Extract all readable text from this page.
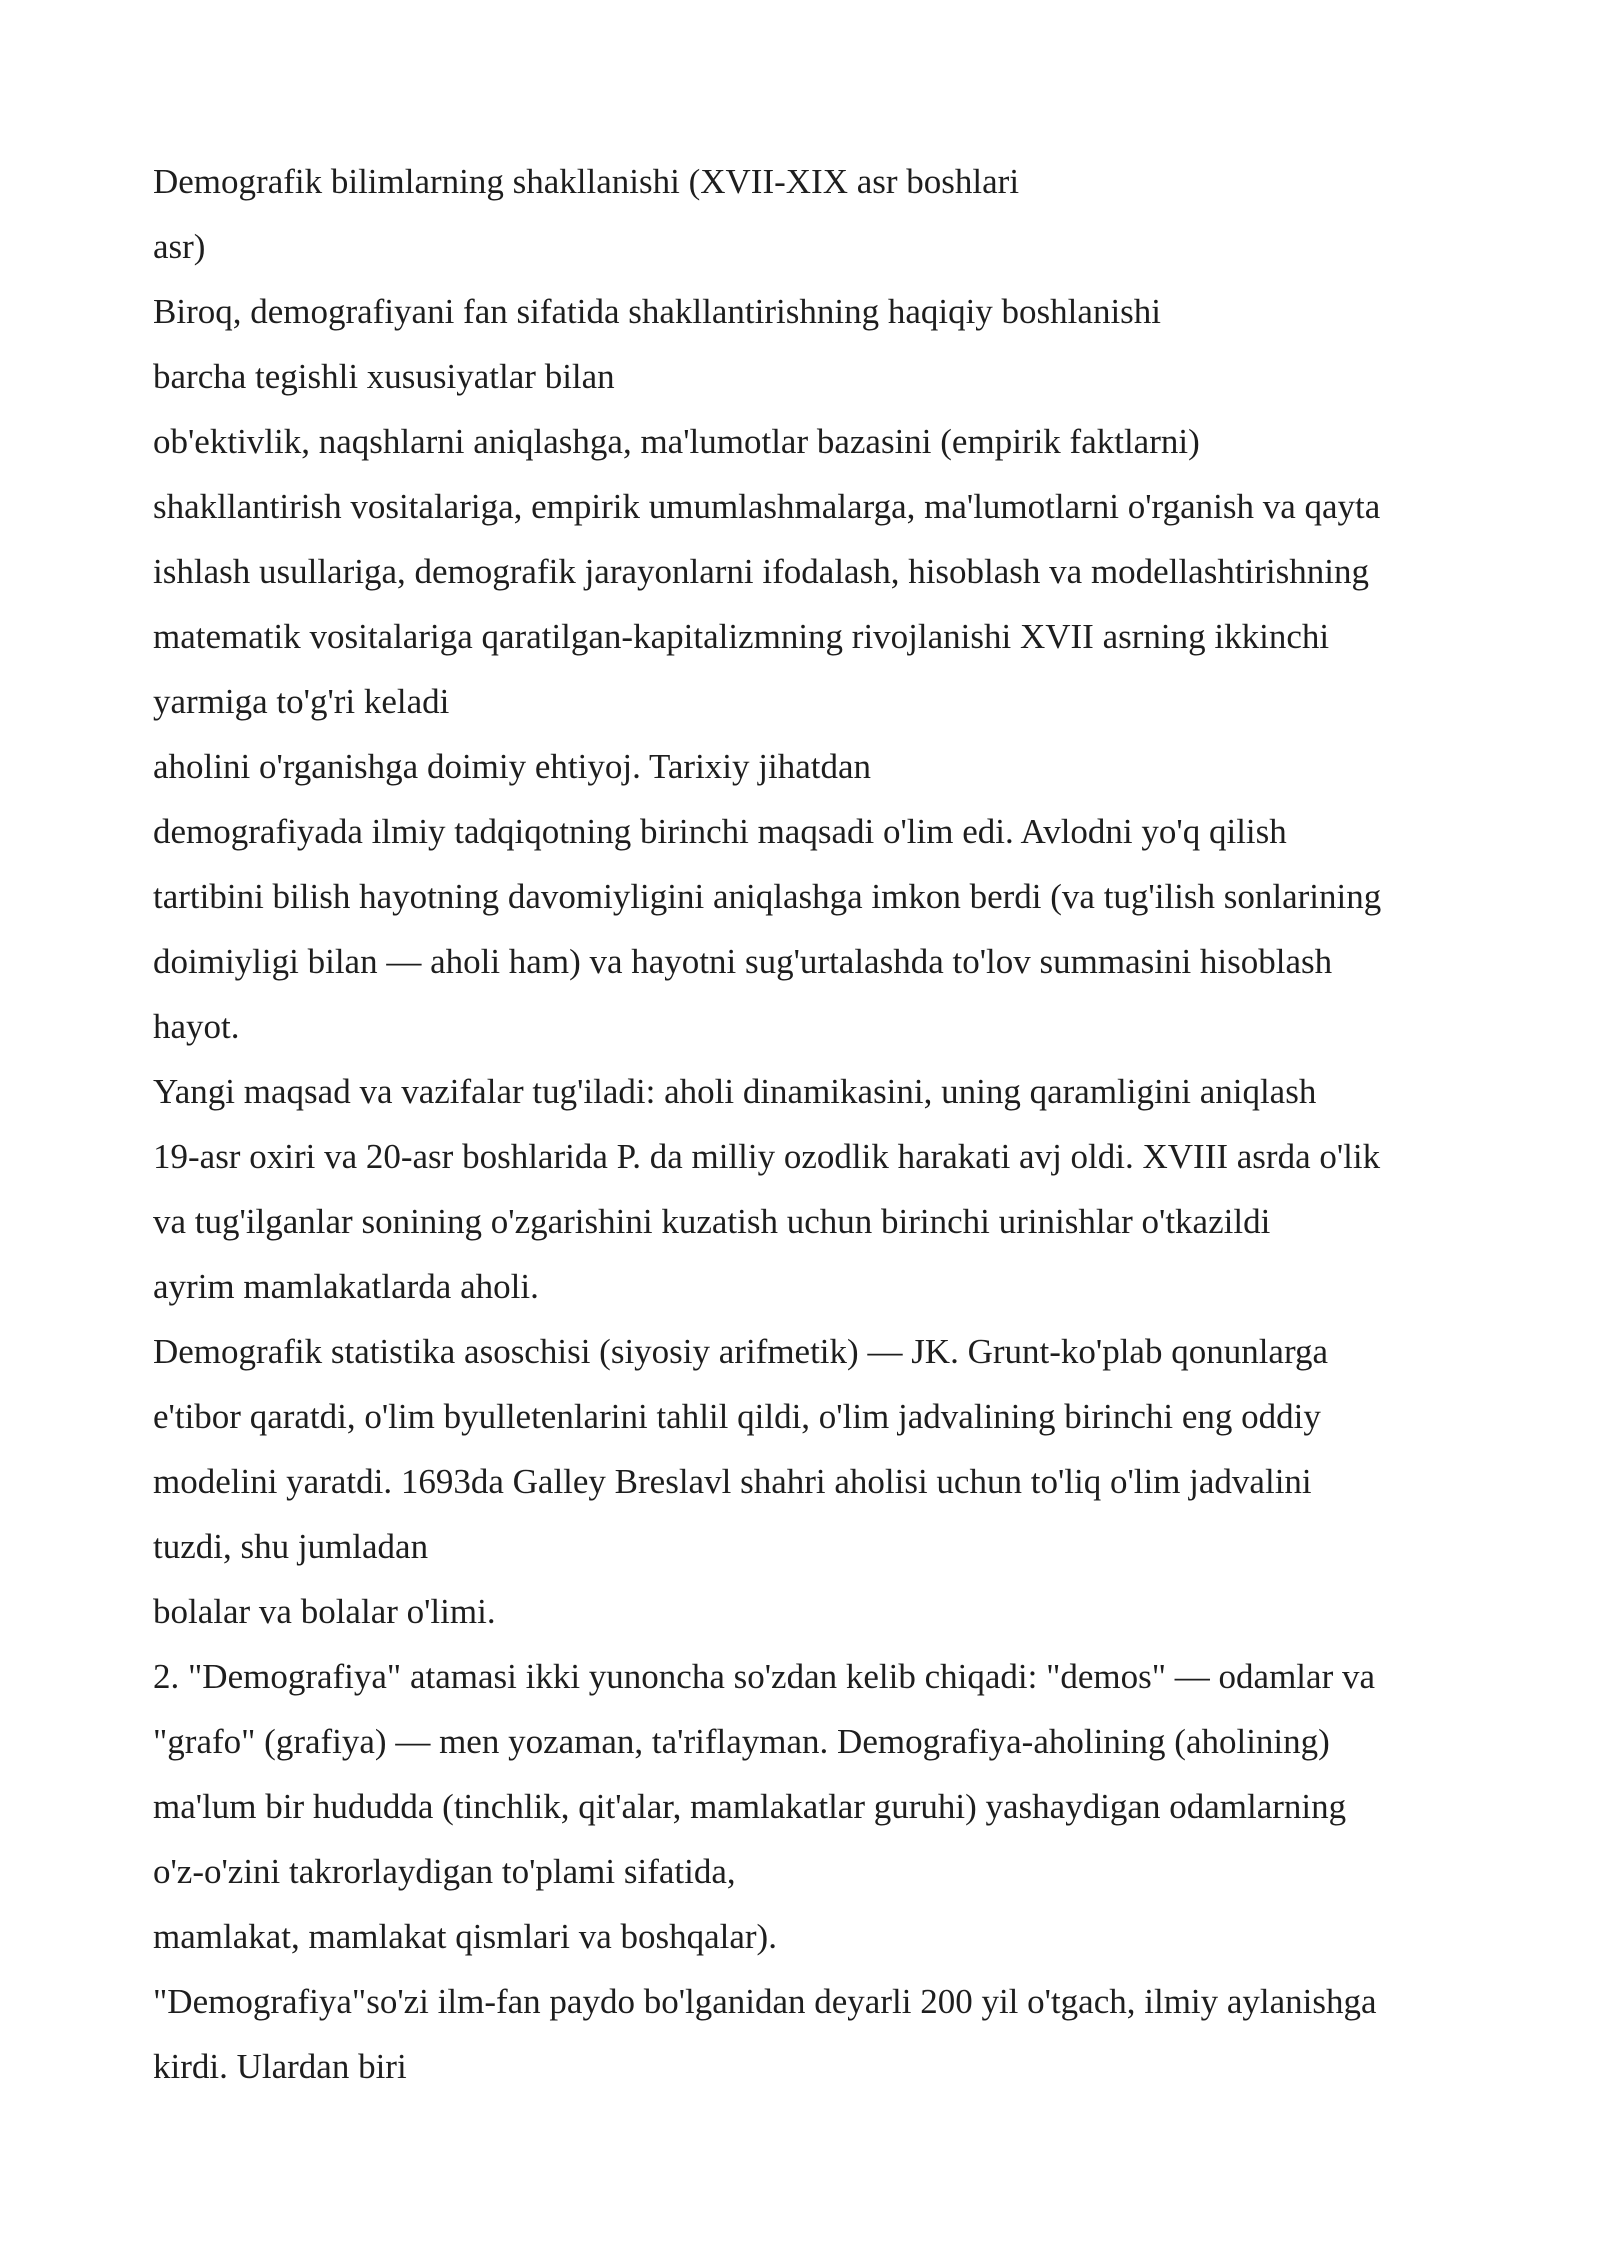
Demografik bilimlarning shakllanishi (XVII-XIX asr boshlari
asr)
Biroq, demografiyani fan sifatida shakllantirishning haqiqiy boshlanishi
barcha tegishli xususiyatlar bilan
ob'ektivlik, naqshlarni aniqlashga, ma'lumotlar bazasini (empirik faktlarni)
shakllantirish vositalariga, empirik umumlashmalarga, ma'lumotlarni o'rganish va qayta
ishlash usullariga, demografik jarayonlarni ifodalash, hisoblash va modellashtirishning
matematik vositalariga qaratilgan-kapitalizmning rivojlanishi XVII asrning ikkinchi
yarmiga to'g'ri keladi
aholini o'rganishga doimiy ehtiyoj. Tarixiy jihatdan
demografiyada ilmiy tadqiqotning birinchi maqsadi o'lim edi. Avlodni yo'q qilish
tartibini bilish hayotning davomiyligini aniqlashga imkon berdi (va tug'ilish sonlarining
doimiyligi bilan — aholi ham) va hayotni sug'urtalashda to'lov summasini hisoblash
hayot.
Yangi maqsad va vazifalar tug'iladi: aholi dinamikasini, uning qaramligini aniqlash
19-asr oxiri va 20-asr boshlarida P. da milliy ozodlik harakati avj oldi. XVIII asrda o'lik
va tug'ilganlar sonining o'zgarishini kuzatish uchun birinchi urinishlar o'tkazildi
ayrim mamlakatlarda aholi.
Demografik statistika asoschisi (siyosiy arifmetik) — JK. Grunt-ko'plab qonunlarga
e'tibor qaratdi, o'lim byulletenlarini tahlil qildi, o'lim jadvalining birinchi eng oddiy
modelini yaratdi. 1693da Galley Breslavl shahri aholisi uchun to'liq o'lim jadvalini
tuzdi, shu jumladan
bolalar va bolalar o'limi.
2. "Demografiya" atamasi ikki yunoncha so'zdan kelib chiqadi: "demos" — odamlar va
"grafo" (grafiya) — men yozaman, ta'riflayman. Demografiya-aholining (aholining)
ma'lum bir hududda (tinchlik, qit'alar, mamlakatlar guruhi) yashaydigan odamlarning
o'z-o'zini takrorlaydigan to'plami sifatida,
mamlakat, mamlakat qismlari va boshqalar).
"Demografiya"so'zi ilm-fan paydo bo'lganidan deyarli 200 yil o'tgach, ilmiy aylanishga
kirdi. Ulardan biri
